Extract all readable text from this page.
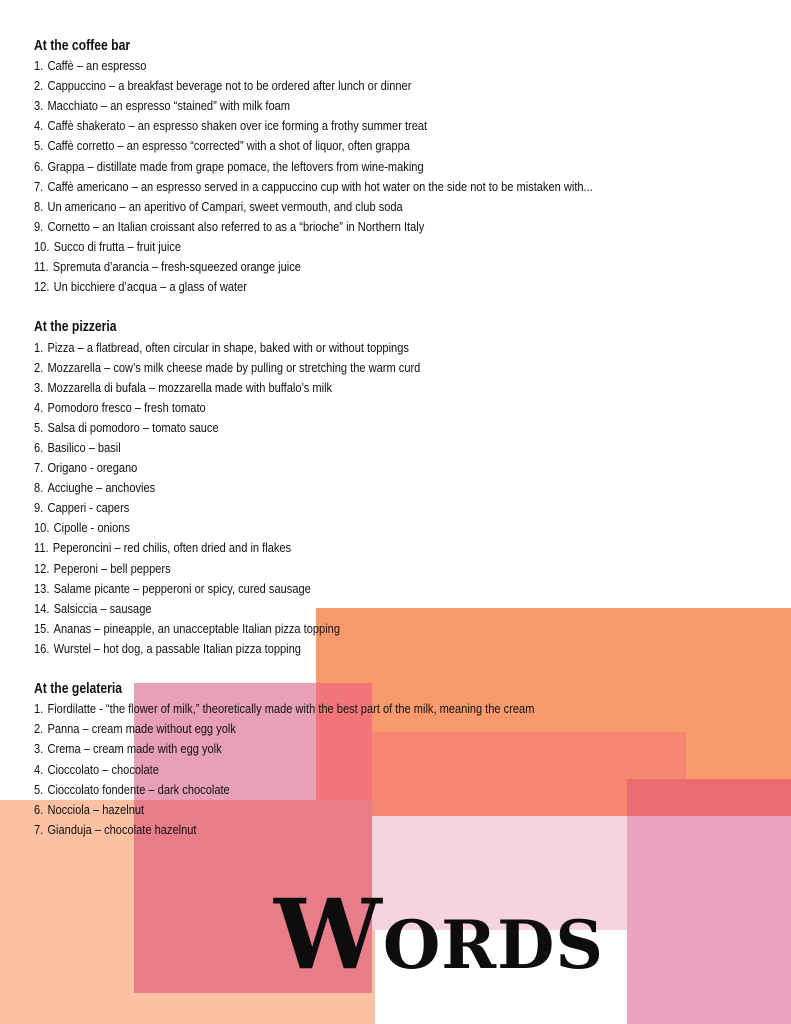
At the coffee bar
1. Caffè – an espresso
2. Cappuccino – a breakfast beverage not to be ordered after lunch or dinner
3. Macchiato – an espresso “stained” with milk foam
4. Caffè shakerato – an espresso shaken over ice forming a frothy summer treat
5. Caffè corretto – an espresso “corrected” with a shot of liquor, often grappa
6. Grappa – distillate made from grape pomace, the leftovers from wine-making
7. Caffè americano – an espresso served in a cappuccino cup with hot water on the side not to be mistaken with...
8. Un americano – an aperitivo of Campari, sweet vermouth, and club soda
9. Cornetto – an Italian croissant also referred to as a “brioche” in Northern Italy
10. Succo di frutta – fruit juice
11. Spremuta d’arancia – fresh-squeezed orange juice
12. Un bicchiere d’acqua – a glass of water
At the pizzeria
1. Pizza – a flatbread, often circular in shape, baked with or without toppings
2. Mozzarella – cow’s milk cheese made by pulling or stretching the warm curd
3. Mozzarella di bufala – mozzarella made with buffalo’s milk
4. Pomodoro fresco – fresh tomato
5. Salsa di pomodoro – tomato sauce
6. Basilico – basil
7. Origano - oregano
8. Acciughe – anchovies
9. Capperi - capers
10. Cipolle - onions
11. Peperoncini – red chilis, often dried and in flakes
12. Peperoni – bell peppers
13. Salame picante – pepperoni or spicy, cured sausage
14. Salsiccia – sausage
15. Ananas – pineapple, an unacceptable Italian pizza topping
16. Wurstel – hot dog, a passable Italian pizza topping
At the gelateria
1. Fiordilatte - “the flower of milk,” theoretically made with the best part of the milk, meaning the cream
2. Panna – cream made without egg yolk
3. Crema – cream made with egg yolk
4. Cioccolato – chocolate
5. Cioccolato fondente – dark chocolate
6. Nocciola – hazelnut
7. Gianduja – chocolate hazelnut
WORDS
